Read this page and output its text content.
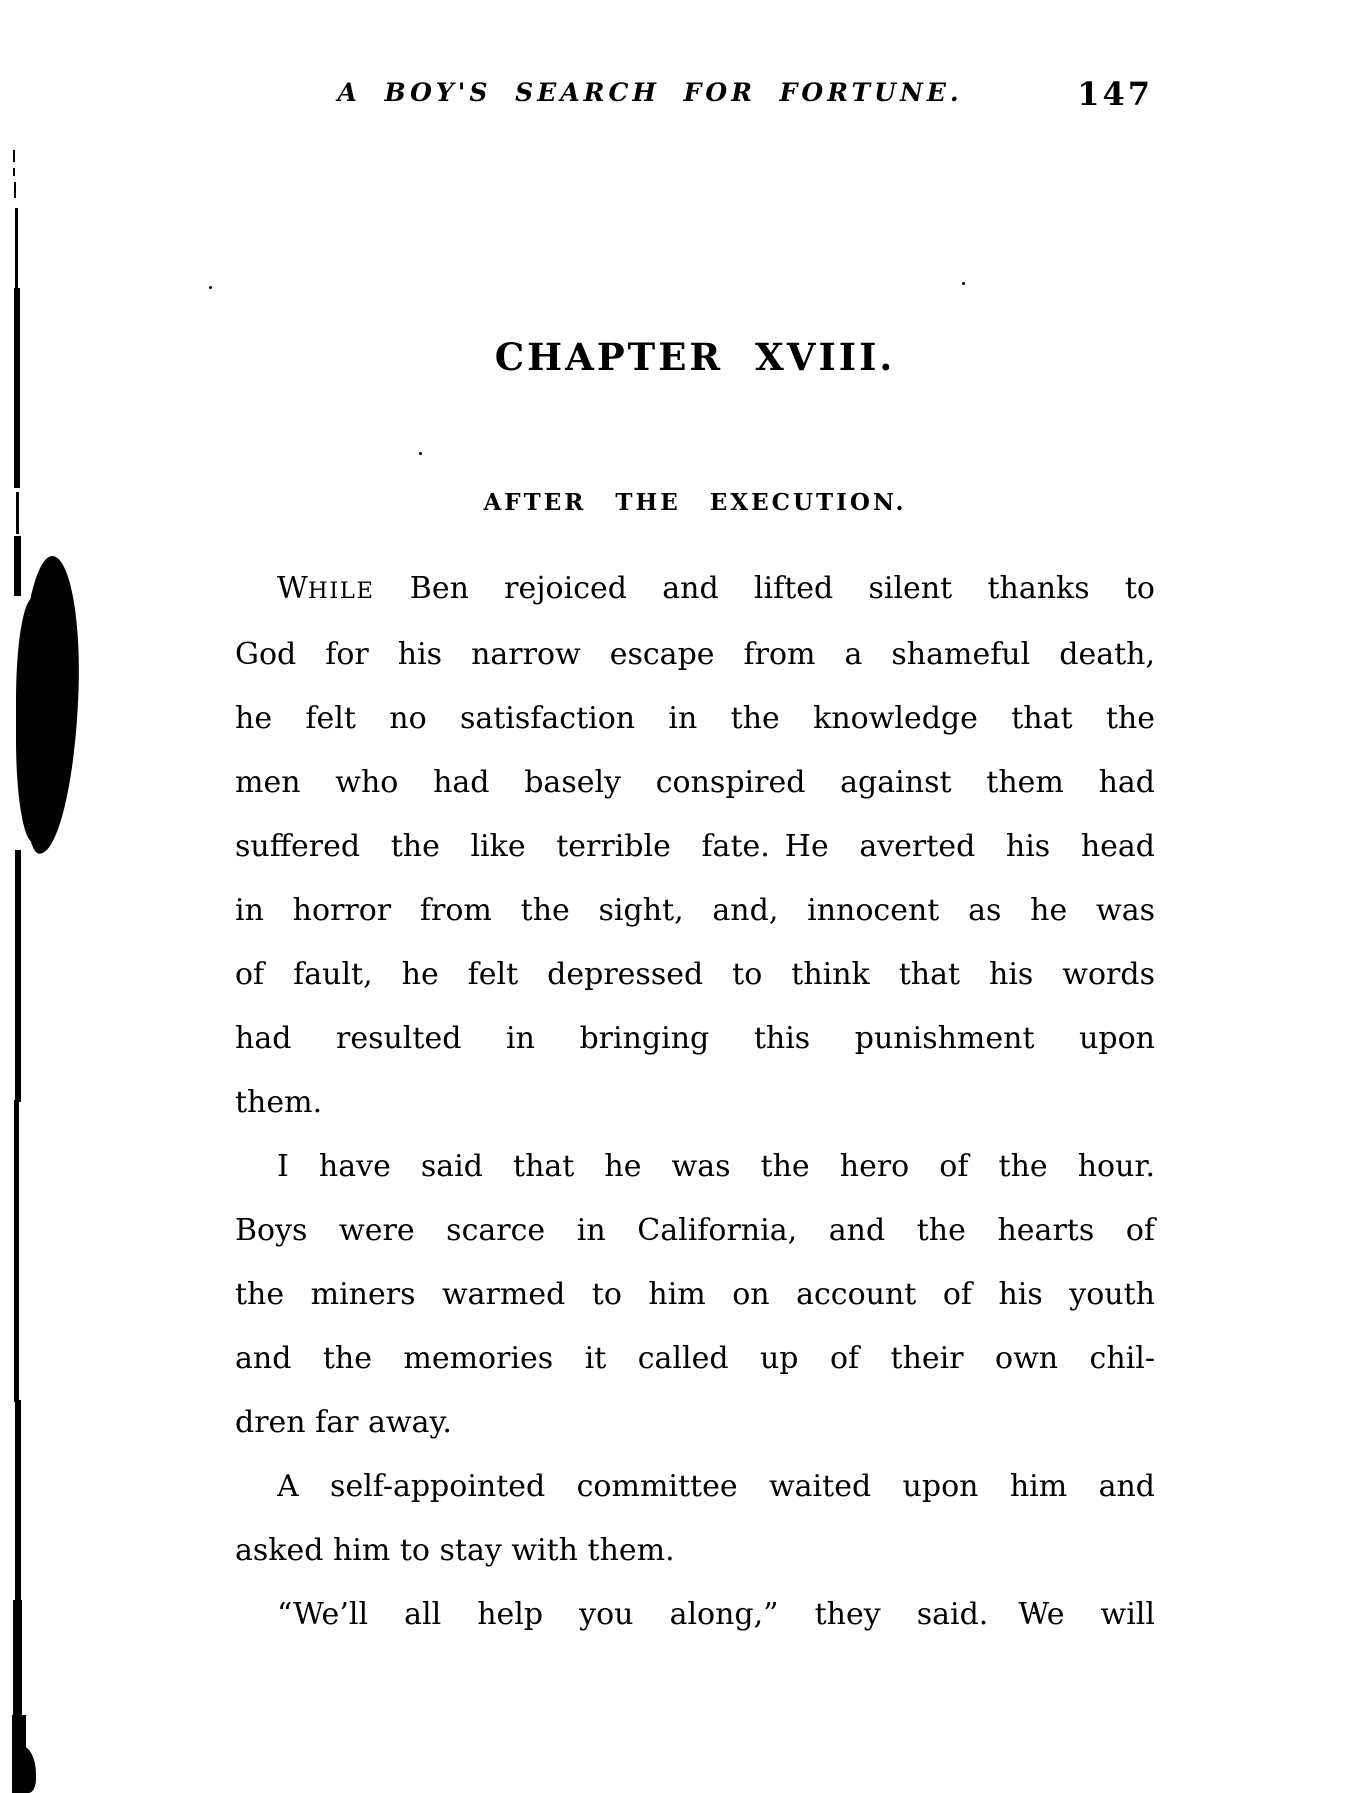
A BOY'S SEARCH FOR FORTUNE.	147
CHAPTER XVIII.
AFTER THE EXECUTION.
WHILE Ben rejoiced and lifted silent thanks to
God for his narrow escape from a shameful death,
he felt no satisfaction in the knowledge that the
men who had basely conspired against them had
suffered the like terrible fate. He averted his head
in horror from the sight, and, innocent as he was
of fault, he felt depressed to think that his words
had resulted in bringing this punishment upon
them.
I have said that he was the hero of the hour.
Boys were scarce in California, and the hearts of
the miners warmed to him on account of his youth
and the memories it called up of their own chil-
dren far away.
A self-appointed committee waited upon him and
asked him to stay with them.
“We’ll all help you along,” they said. We will
